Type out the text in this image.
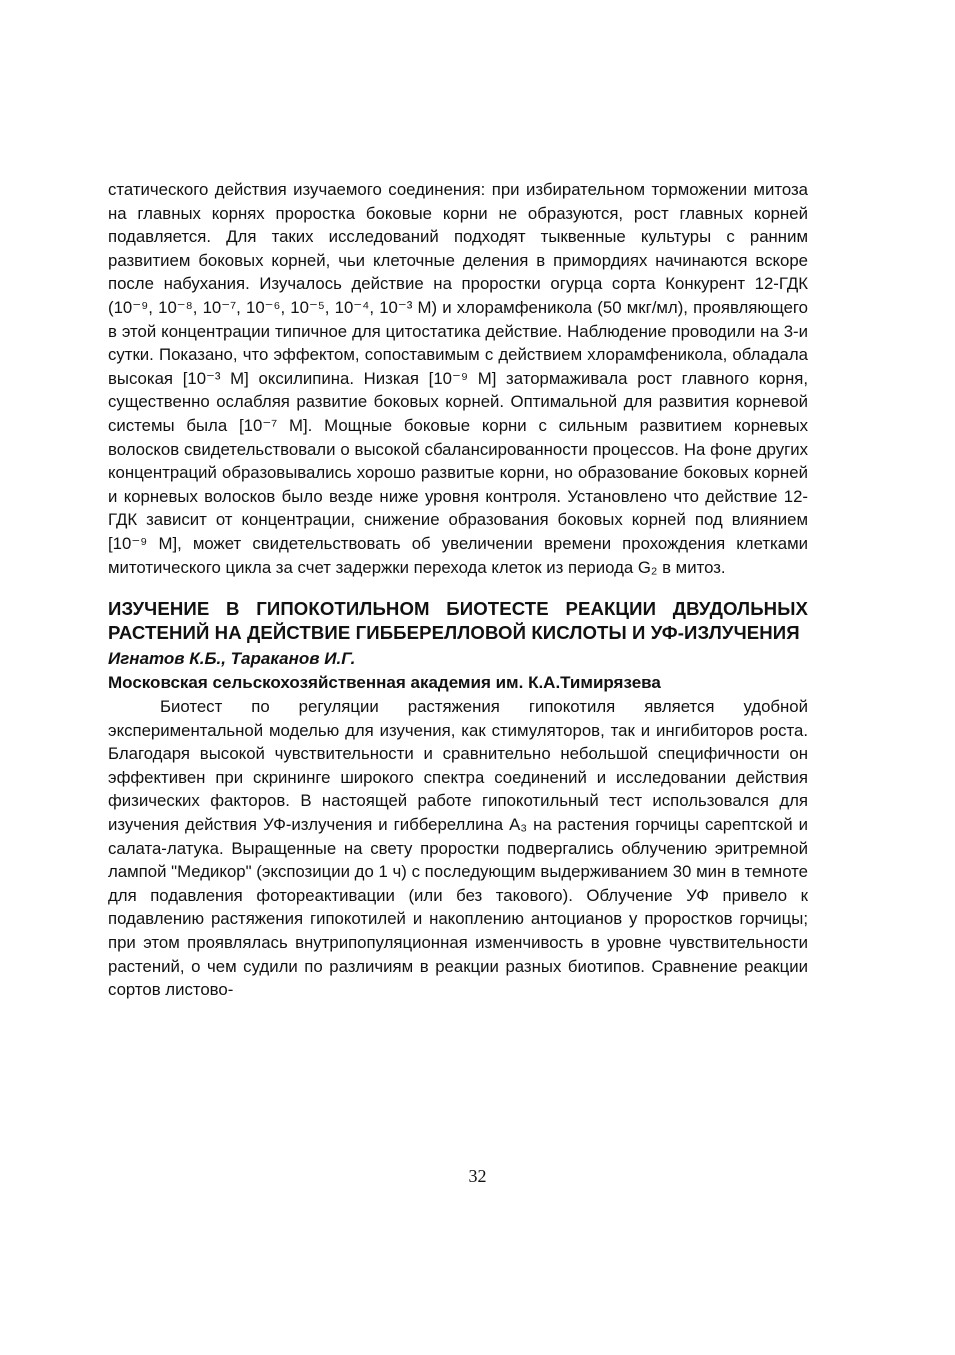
статического действия изучаемого соединения: при избирательном торможении митоза на главных корнях проростка боковые корни не образуются, рост главных корней подавляется. Для таких исследований подходят тыквенные культуры с ранним развитием боковых корней, чьи клеточные деления в примордиях начинаются вскоре после набухания. Изучалось действие на проростки огурца сорта Конкурент 12-ГДК (10⁻⁹, 10⁻⁸, 10⁻⁷, 10⁻⁶, 10⁻⁵, 10⁻⁴, 10⁻³ М) и хлорамфеникола (50 мкг/мл), проявляющего в этой концентрации типичное для цитостатика действие. Наблюдение проводили на 3-и сутки. Показано, что эффектом, сопоставимым с действием хлорамфеникола, обладала высокая [10⁻³ М] оксилипина. Низкая [10⁻⁹ М] затормаживала рост главного корня, существенно ослабляя развитие боковых корней. Оптимальной для развития корневой системы была [10⁻⁷ М]. Мощные боковые корни с сильным развитием корневых волосков свидетельствовали о высокой сбалансированности процессов. На фоне других концентраций образовывались хорошо развитые корни, но образование боковых корней и корневых волосков было везде ниже уровня контроля. Установлено что действие 12-ГДК зависит от концентрации, снижение образования боковых корней под влиянием [10⁻⁹ М], может свидетельствовать об увеличении времени прохождения клетками митотического цикла за счет задержки перехода клеток из периода G₂ в митоз.

ИЗУЧЕНИЕ В ГИПОКОТИЛЬНОМ БИОТЕСТЕ РЕАКЦИИ ДВУДОЛЬНЫХ РАСТЕНИЙ НА ДЕЙСТВИЕ ГИББЕРЕЛЛОВОЙ КИСЛОТЫ И УФ-ИЗЛУЧЕНИЯ

Игнатов К.Б., Тараканов И.Г.

Московская сельскохозяйственная академия им. К.А.Тимирязева

Биотест по регуляции растяжения гипокотиля является удобной экспериментальной моделью для изучения, как стимуляторов, так и ингибиторов роста. Благодаря высокой чувствительности и сравнительно небольшой специфичности он эффективен при скрининге широкого спектра соединений и исследовании действия физических факторов. В настоящей работе гипокотильный тест использовался для изучения действия УФ-излучения и гиббереллина A₃ на растения горчицы сарептской и салата-латука. Выращенные на свету проростки подвергались облучению эритремной лампой "Медикор" (экспозиции до 1 ч) с последующим выдерживанием 30 мин в темноте для подавления фотореактивации (или без такового). Облучение УФ привело к подавлению растяжения гипокотилей и накоплению антоцианов у проростков горчицы; при этом проявлялась внутрипопуляционная изменчивость в уровне чувствительности растений, о чем судили по различиям в реакции разных биотипов. Сравнение реакции сортов листово-

32
